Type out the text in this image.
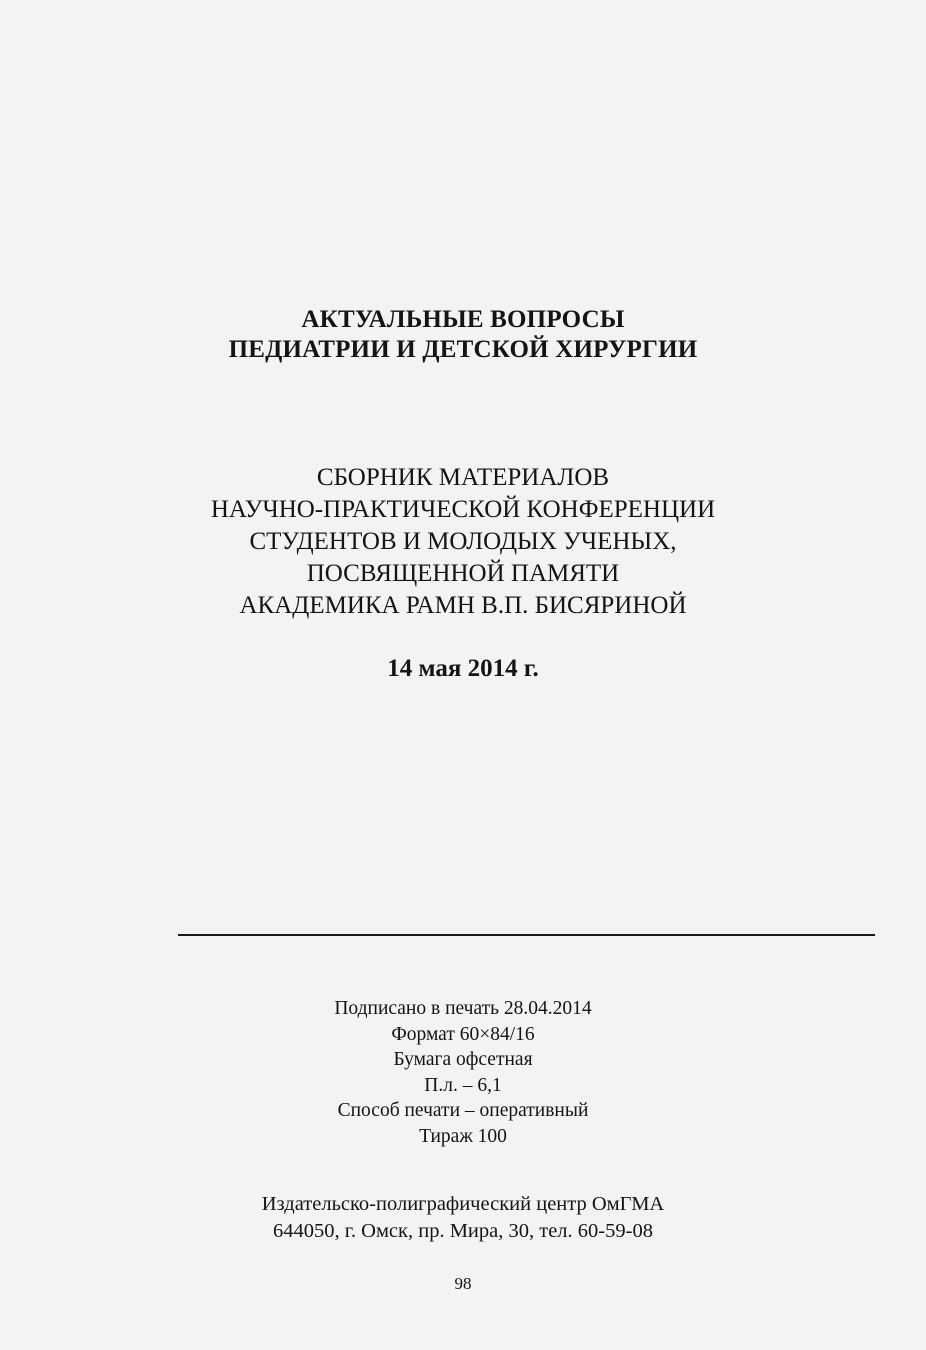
АКТУАЛЬНЫЕ ВОПРОСЫ
ПЕДИАТРИИ И ДЕТСКОЙ ХИРУРГИИ
СБОРНИК МАТЕРИАЛОВ
НАУЧНО-ПРАКТИЧЕСКОЙ КОНФЕРЕНЦИИ
СТУДЕНТОВ И МОЛОДЫХ УЧЕНЫХ,
ПОСВЯЩЕННОЙ ПАМЯТИ
АКАДЕМИКА РАМН В.П. БИСЯРИНОЙ
14 мая 2014 г.
Подписано в печать 28.04.2014
Формат 60×84/16
Бумага офсетная
П.л. – 6,1
Способ печати – оперативный
Тираж 100
Издательско-полиграфический центр ОмГМА
644050, г. Омск, пр. Мира, 30, тел. 60-59-08
98
